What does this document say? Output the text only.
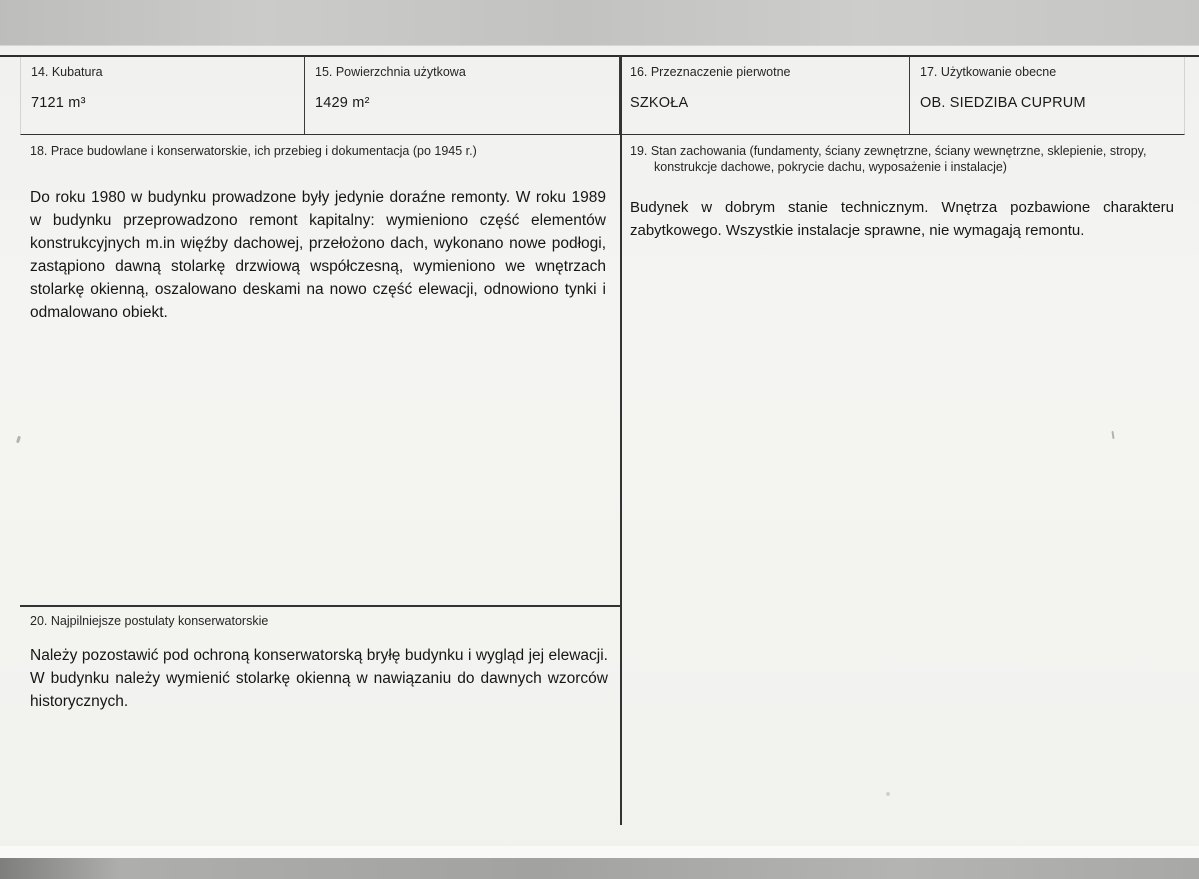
14. Kubatura
7121 m³
15. Powierzchnia użytkowa
1429 m²
16. Przeznaczenie pierwotne
SZKOŁA
17. Użytkowanie obecne
OB. SIEDZIBA CUPRUM
18. Prace budowlane i konserwatorskie, ich przebieg i dokumentacja (po 1945 r.)

Do roku 1980 w budynku prowadzone były jedynie doraźne remonty. W roku 1989 w budynku przeprowadzono remont kapitalny: wymieniono część elementów konstrukcyjnych m.in więźby dachowej, przełożono dach, wykonano nowe podłogi, zastąpiono dawną stolarkę drzwiową współczesną, wymieniono we wnętrzach stolarkę okienną, oszalowano deskami na nowo część elewacji, odnowiono tynki i odmalowano obiekt.

20. Najpilniejsze postulaty konserwatorskie

Należy pozostawić pod ochroną konserwatorską bryłę budynku i wygląd jej elewacji. W budynku należy wymienić stolarkę okienną w nawiązaniu do dawnych wzorców historycznych.

19. Stan zachowania (fundamenty, ściany zewnętrzne, ściany wewnętrzne, sklepienie, stropy, konstrukcje dachowe, pokrycie dachu, wyposażenie i instalacje)

Budynek w dobrym stanie technicznym. Wnętrza pozbawione charakteru zabytkowego. Wszystkie instalacje sprawne, nie wymagają remontu.
